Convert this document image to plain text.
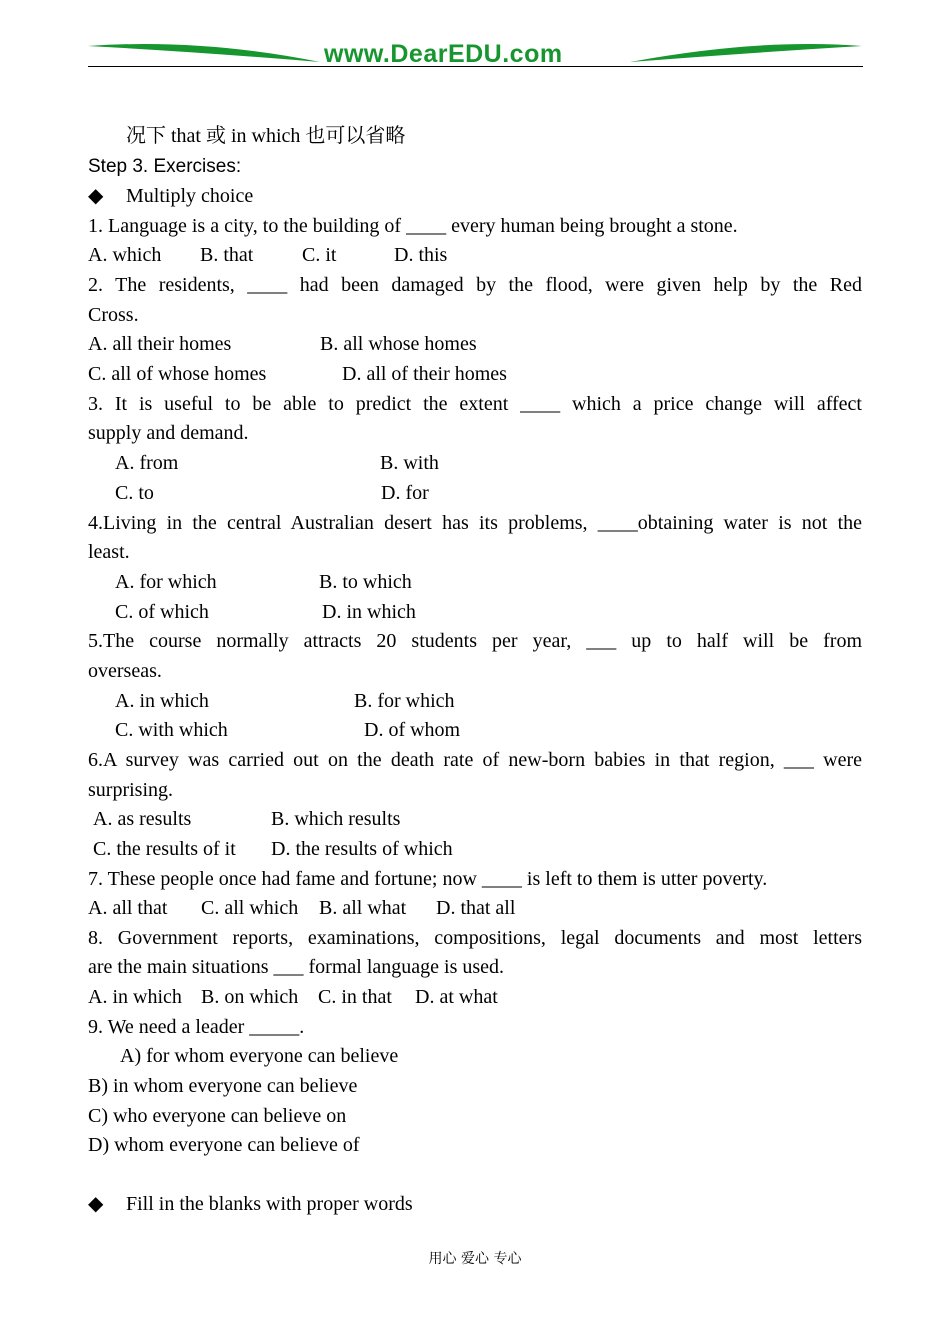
www.DearEDU.com
况下 that 或 in which 也可以省略
Step 3. Exercises:
◆ Multiply choice
1. Language is a city, to the building of ____ every human being brought a stone.
A. which B. that C. it	D. this
2. The residents, ____ had been damaged by the flood, were given help by the Red
Cross.
A. all their homes	B. all whose homes
C. all of whose homes	D. all of their homes
3. It is useful to be able to predict the extent ____ which a price change will affect
supply and demand.
A. from	B. with
C. to	D. for
4.Living in the central Australian desert has its problems, ____obtaining water is not the
least.
A. for which	B. to which
C. of which	D. in which
5.The course normally attracts 20 students per year, ___ up to half will be from
overseas.
A. in which	B. for which
C. with which	D. of whom
6.A survey was carried out on the death rate of new-born babies in that region, ___ were
surprising.
A. as results	B. which results
C. the results of it D. the results of which
7. These people once had fame and fortune; now ____ is left to them is utter poverty.
A. all that C. all which B. all what D. that all
8. Government reports, examinations, compositions, legal documents and most letters
are the main situations ___ formal language is used.
A. in which B. on which C. in that D. at what
9. We need a leader _____.
A) for whom everyone can believe
B) in whom everyone can believe
C) who everyone can believe on
D) whom everyone can believe of
◆ Fill in the blanks with proper words
用心 爱心 专心
